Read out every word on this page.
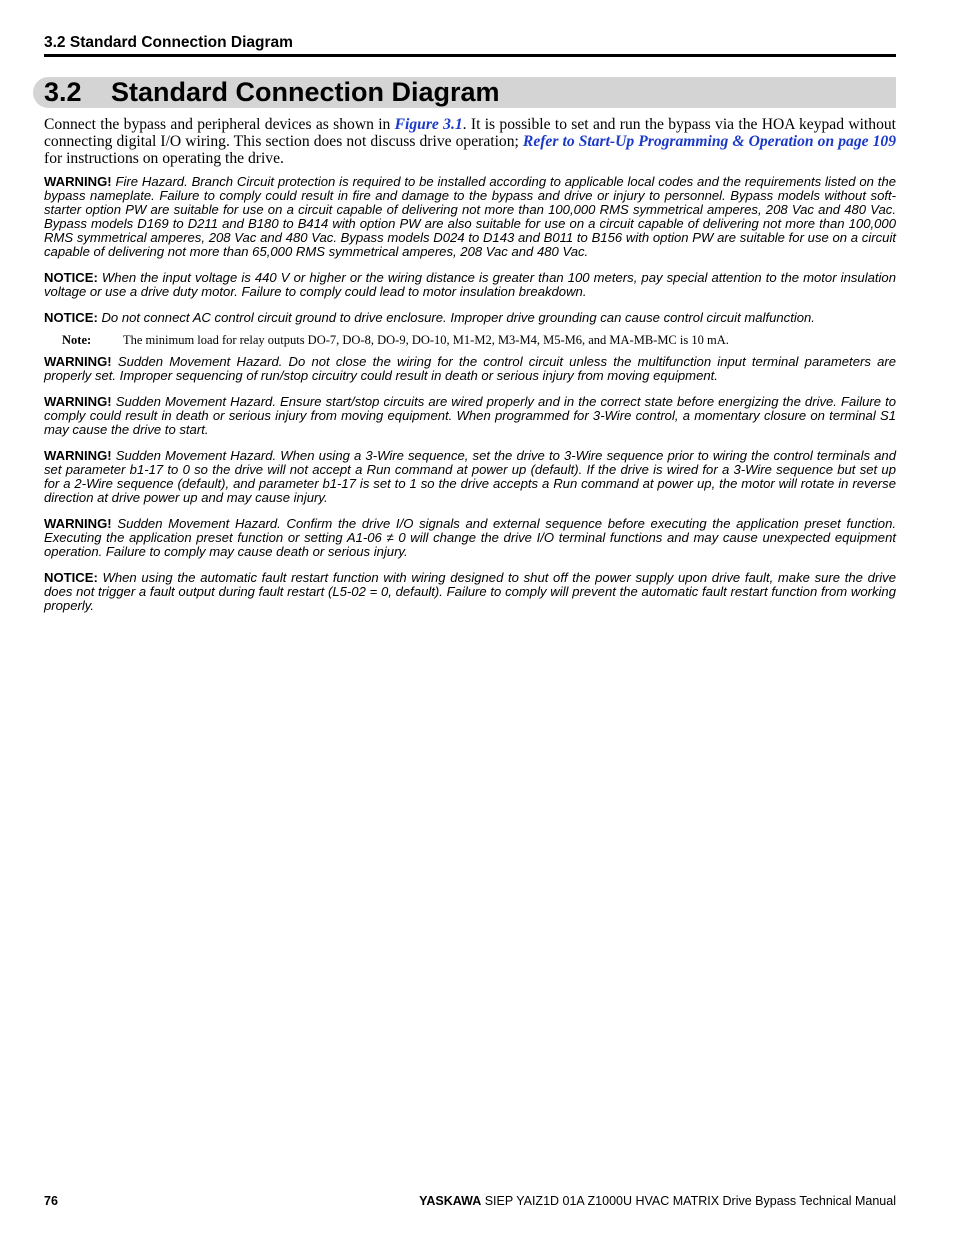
3.2 Standard Connection Diagram
3.2 Standard Connection Diagram

Connect the bypass and peripheral devices as shown in Figure 3.1. It is possible to set and run the bypass via the HOA keypad without connecting digital I/O wiring. This section does not discuss drive operation; Refer to Start-Up Programming & Operation on page 109 for instructions on operating the drive.

WARNING! Fire Hazard. Branch Circuit protection is required to be installed according to applicable local codes and the requirements listed on the bypass nameplate. Failure to comply could result in fire and damage to the bypass and drive or injury to personnel. Bypass models without soft-starter option PW are suitable for use on a circuit capable of delivering not more than 100,000 RMS symmetrical amperes, 208 Vac and 480 Vac. Bypass models D169 to D211 and B180 to B414 with option PW are also suitable for use on a circuit capable of delivering not more than 100,000 RMS symmetrical amperes, 208 Vac and 480 Vac. Bypass models D024 to D143 and B011 to B156 with option PW are suitable for use on a circuit capable of delivering not more than 65,000 RMS symmetrical amperes, 208 Vac and 480 Vac.

NOTICE: When the input voltage is 440 V or higher or the wiring distance is greater than 100 meters, pay special attention to the motor insulation voltage or use a drive duty motor. Failure to comply could lead to motor insulation breakdown.

NOTICE: Do not connect AC control circuit ground to drive enclosure. Improper drive grounding can cause control circuit malfunction.

Note:	The minimum load for relay outputs DO-7, DO-8, DO-9, DO-10, M1-M2, M3-M4, M5-M6, and MA-MB-MC is 10 mA.

WARNING! Sudden Movement Hazard. Do not close the wiring for the control circuit unless the multifunction input terminal parameters are properly set. Improper sequencing of run/stop circuitry could result in death or serious injury from moving equipment.

WARNING! Sudden Movement Hazard. Ensure start/stop circuits are wired properly and in the correct state before energizing the drive. Failure to comply could result in death or serious injury from moving equipment. When programmed for 3-Wire control, a momentary closure on terminal S1 may cause the drive to start.

WARNING! Sudden Movement Hazard. When using a 3-Wire sequence, set the drive to 3-Wire sequence prior to wiring the control terminals and set parameter b1-17 to 0 so the drive will not accept a Run command at power up (default). If the drive is wired for a 3-Wire sequence but set up for a 2-Wire sequence (default), and parameter b1-17 is set to 1 so the drive accepts a Run command at power up, the motor will rotate in reverse direction at drive power up and may cause injury.

WARNING! Sudden Movement Hazard. Confirm the drive I/O signals and external sequence before executing the application preset function. Executing the application preset function or setting A1-06 ≠ 0 will change the drive I/O terminal functions and may cause unexpected equipment operation. Failure to comply may cause death or serious injury.

NOTICE: When using the automatic fault restart function with wiring designed to shut off the power supply upon drive fault, make sure the drive does not trigger a fault output during fault restart (L5-02 = 0, default). Failure to comply will prevent the automatic fault restart function from working properly.

76	YASKAWA SIEP YAIZ1D 01A Z1000U HVAC MATRIX Drive Bypass Technical Manual
